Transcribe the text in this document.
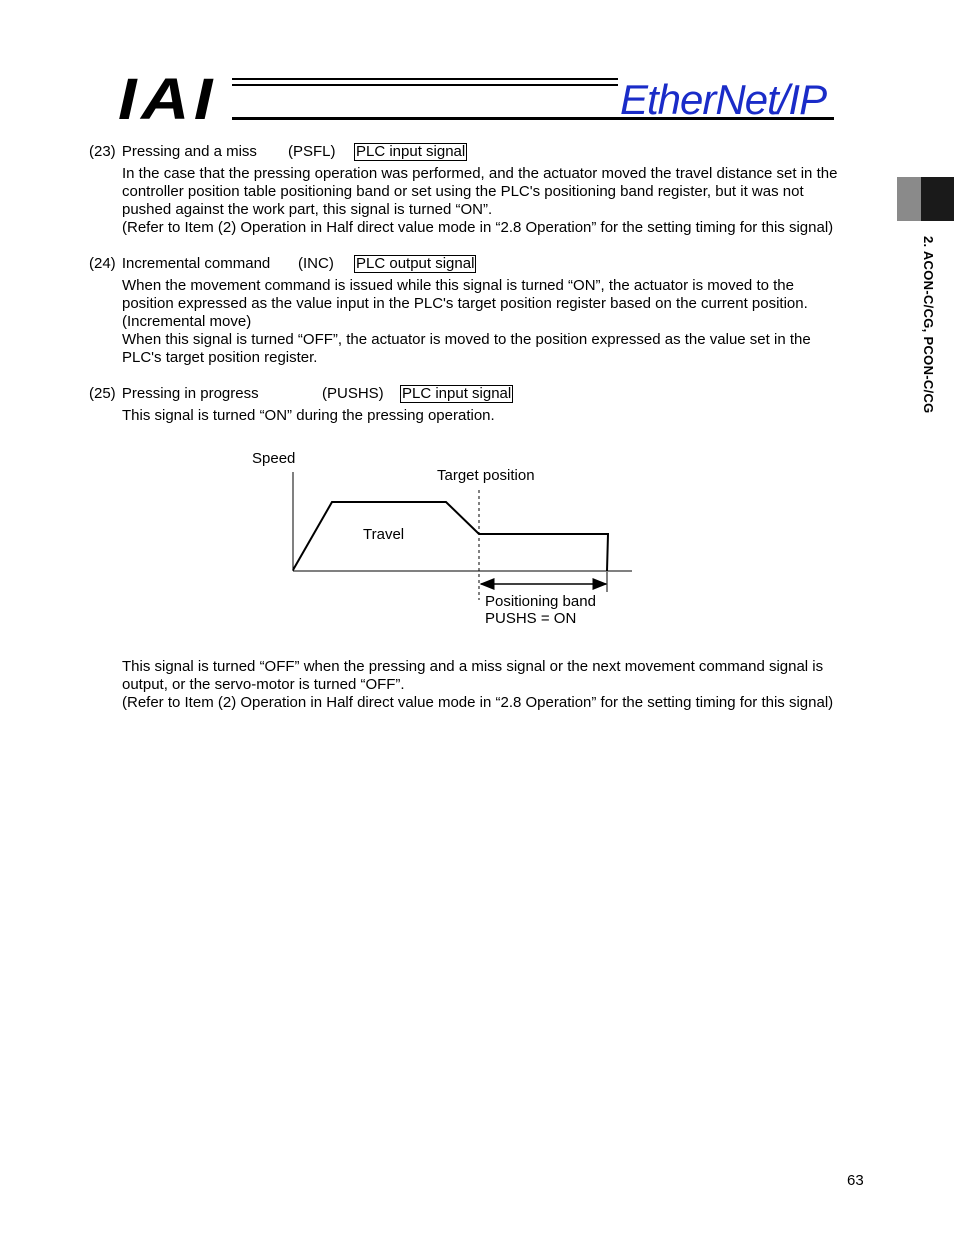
IAI	EtherNet/IP
2. ACON-C/CG, PCON-C/CG
(23) Pressing and a miss (PSFL) PLC input signal
In the case that the pressing operation was performed, and the actuator moved the travel distance set in the
controller position table positioning band or set using the PLC's positioning band register, but it was not
pushed against the work part, this signal is turned “ON”.
(Refer to Item (2) Operation in Half direct value mode in “2.8 Operation” for the setting timing for this signal)
(24) Incremental command (INC) PLC output signal
When the movement command is issued while this signal is turned “ON”, the actuator is moved to the
position expressed as the value input in the PLC's target position register based on the current position.
(Incremental move)
When this signal is turned “OFF”, the actuator is moved to the position expressed as the value set in the
PLC's target position register.
(25) Pressing in progress	(PUSHS) PLC input signal
This signal is turned “ON” during the pressing operation.
Speed
Target position
Travel
Positioning band
PUSHS = ON
This signal is turned “OFF” when the pressing and a miss signal or the next movement command signal is
output, or the servo-motor is turned “OFF”.
(Refer to Item (2) Operation in Half direct value mode in “2.8 Operation” for the setting timing for this signal)
63
